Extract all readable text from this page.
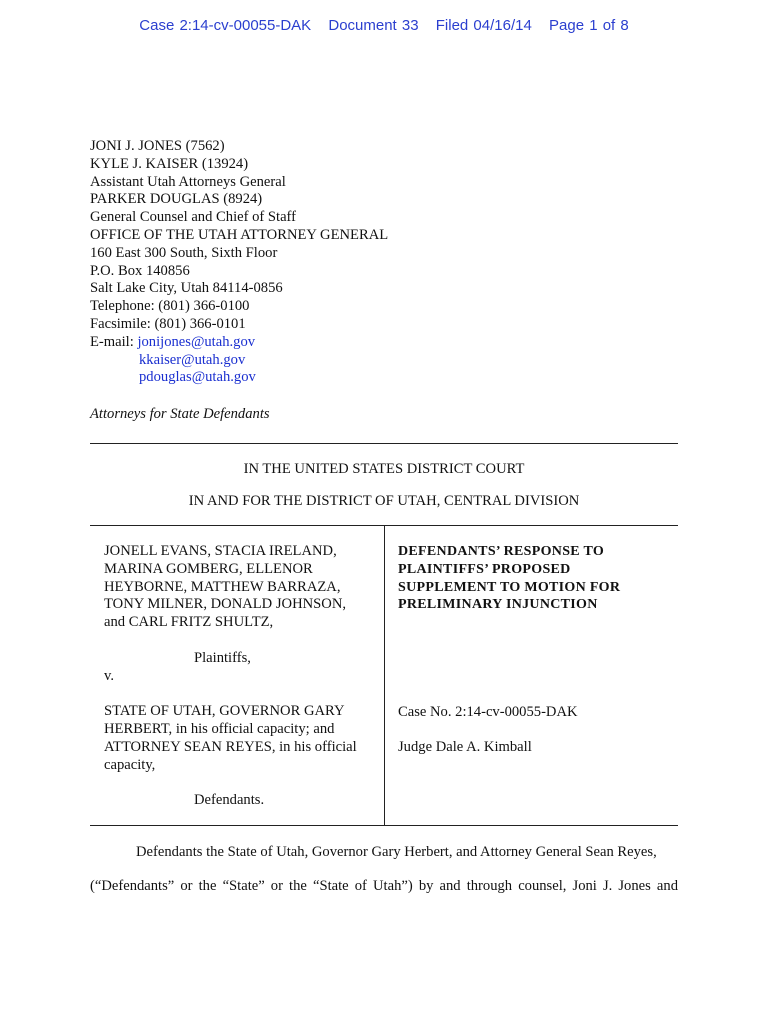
Case 2:14-cv-00055-DAK Document 33 Filed 04/16/14 Page 1 of 8
JONI J. JONES (7562)
KYLE J. KAISER (13924)
Assistant Utah Attorneys General
PARKER DOUGLAS (8924)
General Counsel and Chief of Staff
OFFICE OF THE UTAH ATTORNEY GENERAL
160 East 300 South, Sixth Floor
P.O. Box 140856
Salt Lake City, Utah 84114-0856
Telephone: (801) 366-0100
Facsimile: (801) 366-0101
E-mail: jonijones@utah.gov
kkaiser@utah.gov
pdouglas@utah.gov
Attorneys for State Defendants
IN THE UNITED STATES DISTRICT COURT
IN AND FOR THE DISTRICT OF UTAH, CENTRAL DIVISION
JONELL EVANS, STACIA IRELAND,
MARINA GOMBERG, ELLENOR
HEYBORNE, MATTHEW BARRAZA,
TONY MILNER, DONALD JOHNSON,
and CARL FRITZ SHULTZ,
Plaintiffs,
v.
STATE OF UTAH, GOVERNOR GARY
HERBERT, in his official capacity; and
ATTORNEY SEAN REYES, in his official
capacity,
Defendants.
DEFENDANTS’ RESPONSE TO
PLAINTIFFS’ PROPOSED
SUPPLEMENT TO MOTION FOR
PRELIMINARY INJUNCTION
Case No. 2:14-cv-00055-DAK
Judge Dale A. Kimball
Defendants the State of Utah, Governor Gary Herbert, and Attorney General Sean Reyes,
(“Defendants” or the “State” or the “State of Utah”) by and through counsel, Joni J. Jones and
